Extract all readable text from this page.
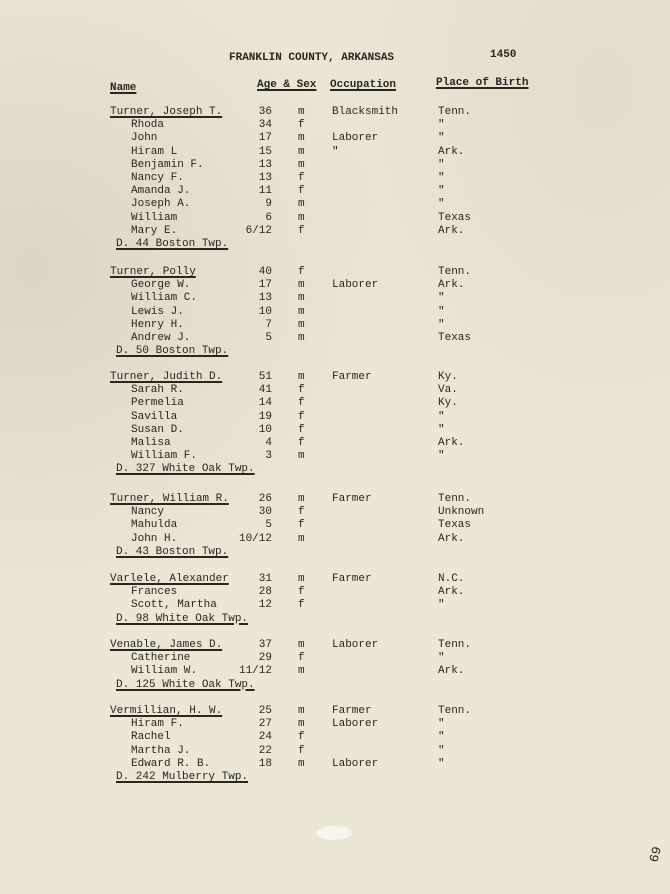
FRANKLIN COUNTY, ARKANSAS	1450
Name	Age & Sex Occupation	Place of Birth
Turner, Joseph T.	36 m Blacksmith	Tenn.
Rhoda	34 f	"
John	17 m Laborer	"
Hiram L	15 m "	Ark.
Benjamin F.	13 m	"
Nancy F.	13 f	"
Amanda J.	11 f	"
Joseph A.	9 m	"
William	6 m	Texas
Mary E.	6/12 f	Ark.
D. 44 Boston Twp.
Turner, Polly	40 f	Tenn.
George W.	17 m Laborer	Ark.
William C.	13 m	"
Lewis J.	10 m	"
Henry H.	7 m	"
Andrew J.	5 m	Texas
D. 50 Boston Twp.
Turner, Judith D.	51 m Farmer	Ky.
Sarah R.	41 f	Va.
Permelia	14 f	Ky.
Savilla	19 f	"
Susan D.	10 f	"
Malisa	4 f	Ark.
William F.	3 m	"
D. 327 White Oak Twp.
Turner, William R.	26 m Farmer	Tenn.
Nancy	30 f	Unknown
Mahulda	5 f	Texas
John H.	10/12 m	Ark.
D. 43 Boston Twp.
Varlele, Alexander	31 m Farmer	N.C.
Frances	28 f	Ark.
Scott, Martha	12 f	"
D. 98 White Oak Twp.
Venable, James D.	37 m Laborer	Tenn.
Catherine	29 f	"
William W.	11/12 m	Ark.
D. 125 White Oak Twp.
Vermillian, H. W.	25 m Farmer	Tenn.
Hiram F.	27 m Laborer	"
Rachel	24 f	"
Martha J.	22 f	"
Edward R. B.	18 m Laborer	"
D. 242 Mulberry Twp.
69
